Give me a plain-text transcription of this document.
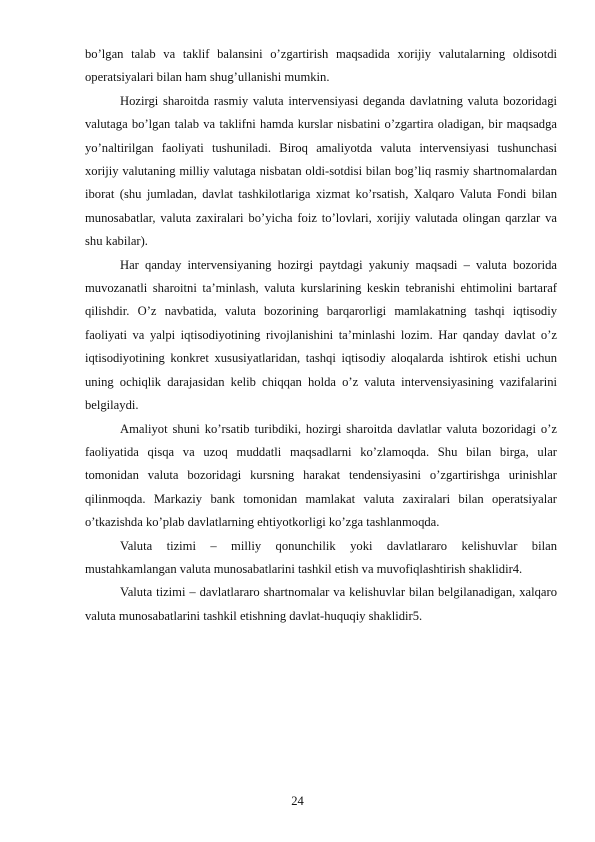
bo’lgan talab va taklif balansini o’zgartirish maqsadida xorijiy valutalarning oldisotdi operatsiyalari bilan ham shug’ullanishi mumkin.

Hozirgi sharoitda rasmiy valuta intervensiyasi deganda davlatning valuta bozoridagi valutaga bo’lgan talab va taklifni hamda kurslar nisbatini o’zgartira oladigan, bir maqsadga yo’naltirilgan faoliyati tushuniladi. Biroq amaliyotda valuta intervensiyasi tushunchasi xorijiy valutaning milliy valutaga nisbatan oldi-sotdisi bilan bog’liq rasmiy shartnomalardan iborat (shu jumladan, davlat tashkilotlariga xizmat ko’rsatish, Xalqaro Valuta Fondi bilan munosabatlar, valuta zaxiralari bo’yicha foiz to’lovlari, xorijiy valutada olingan qarzlar va shu kabilar).

Har qanday intervensiyaning hozirgi paytdagi yakuniy maqsadi – valuta bozorida muvozanatli sharoitni ta’minlash, valuta kurslarining keskin tebranishi ehtimolini bartaraf qilishdir. O’z navbatida, valuta bozorining barqarorligi mamlakatning tashqi iqtisodiy faoliyati va yalpi iqtisodiyotining rivojlanishini ta’minlashi lozim. Har qanday davlat o’z iqtisodiyotining konkret xususiyatlaridan, tashqi iqtisodiy aloqalarda ishtirok etishi uchun uning ochiqlik darajasidan kelib chiqqan holda o’z valuta intervensiyasining vazifalarini belgilaydi.

Amaliyot shuni ko’rsatib turibdiki, hozirgi sharoitda davlatlar valuta bozoridagi o’z faoliyatida qisqa va uzoq muddatli maqsadlarni ko’zlamoqda. Shu bilan birga, ular tomonidan valuta bozoridagi kursning harakat tendensiyasini o’zgartirishga urinishlar qilinmoqda. Markaziy bank tomonidan mamlakat valuta zaxiralari bilan operatsiyalar o’tkazishda ko’plab davlatlarning ehtiyotkorligi ko’zga tashlanmoqda.

Valuta tizimi – milliy qonunchilik yoki davlatlararo kelishuvlar bilan mustahkamlangan valuta munosabatlarini tashkil etish va muvofiqlashtirish shaklidir4.

Valuta tizimi – davlatlararo shartnomalar va kelishuvlar bilan belgilanadigan, xalqaro valuta munosabatlarini tashkil etishning davlat-huquqiy shaklidir5.

24
